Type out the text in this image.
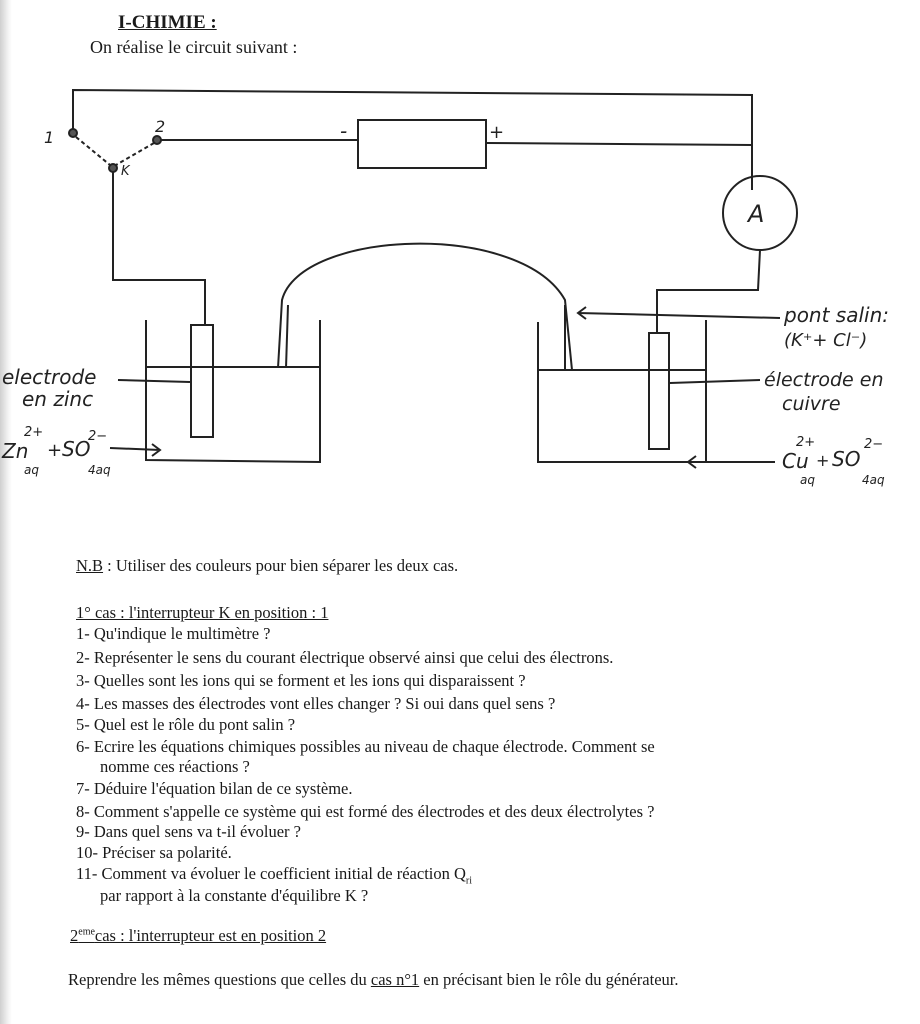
I-CHIMIE :
On réalise le circuit suivant :
1
2
K
-	+
A
electrode
en zinc
Zn
2+
aq
+ SO
2−
4aq
pont salin:
(K⁺+ Cl⁻)
électrode en
cuivre
Cu
2+
aq
+ SO
2−
4aq
N.B : Utiliser des couleurs pour bien séparer les deux cas.
1° cas : l'interrupteur K en position : 1
1- Qu'indique le multimètre ?
2- Représenter le sens du courant électrique observé ainsi que celui des électrons.
3- Quelles sont les ions qui se forment et les ions qui disparaissent ?
4- Les masses des électrodes vont elles changer ? Si oui dans quel sens ?
5- Quel est le rôle du pont salin ?
6- Ecrire les équations chimiques possibles au niveau de chaque électrode. Comment se
nomme ces réactions ?
7- Déduire l'équation bilan de ce système.
8- Comment s'appelle ce système qui est formé des électrodes et des deux électrolytes ?
9- Dans quel sens va t-il évoluer ?
10- Préciser sa polarité.
11- Comment va évoluer le coefficient initial de réaction $Q_{ri}$
par rapport à la constante d'équilibre K ?
2emecas : l'interrupteur est en position 2
Reprendre les mêmes questions que celles du cas n°1 en précisant bien le rôle du générateur.
